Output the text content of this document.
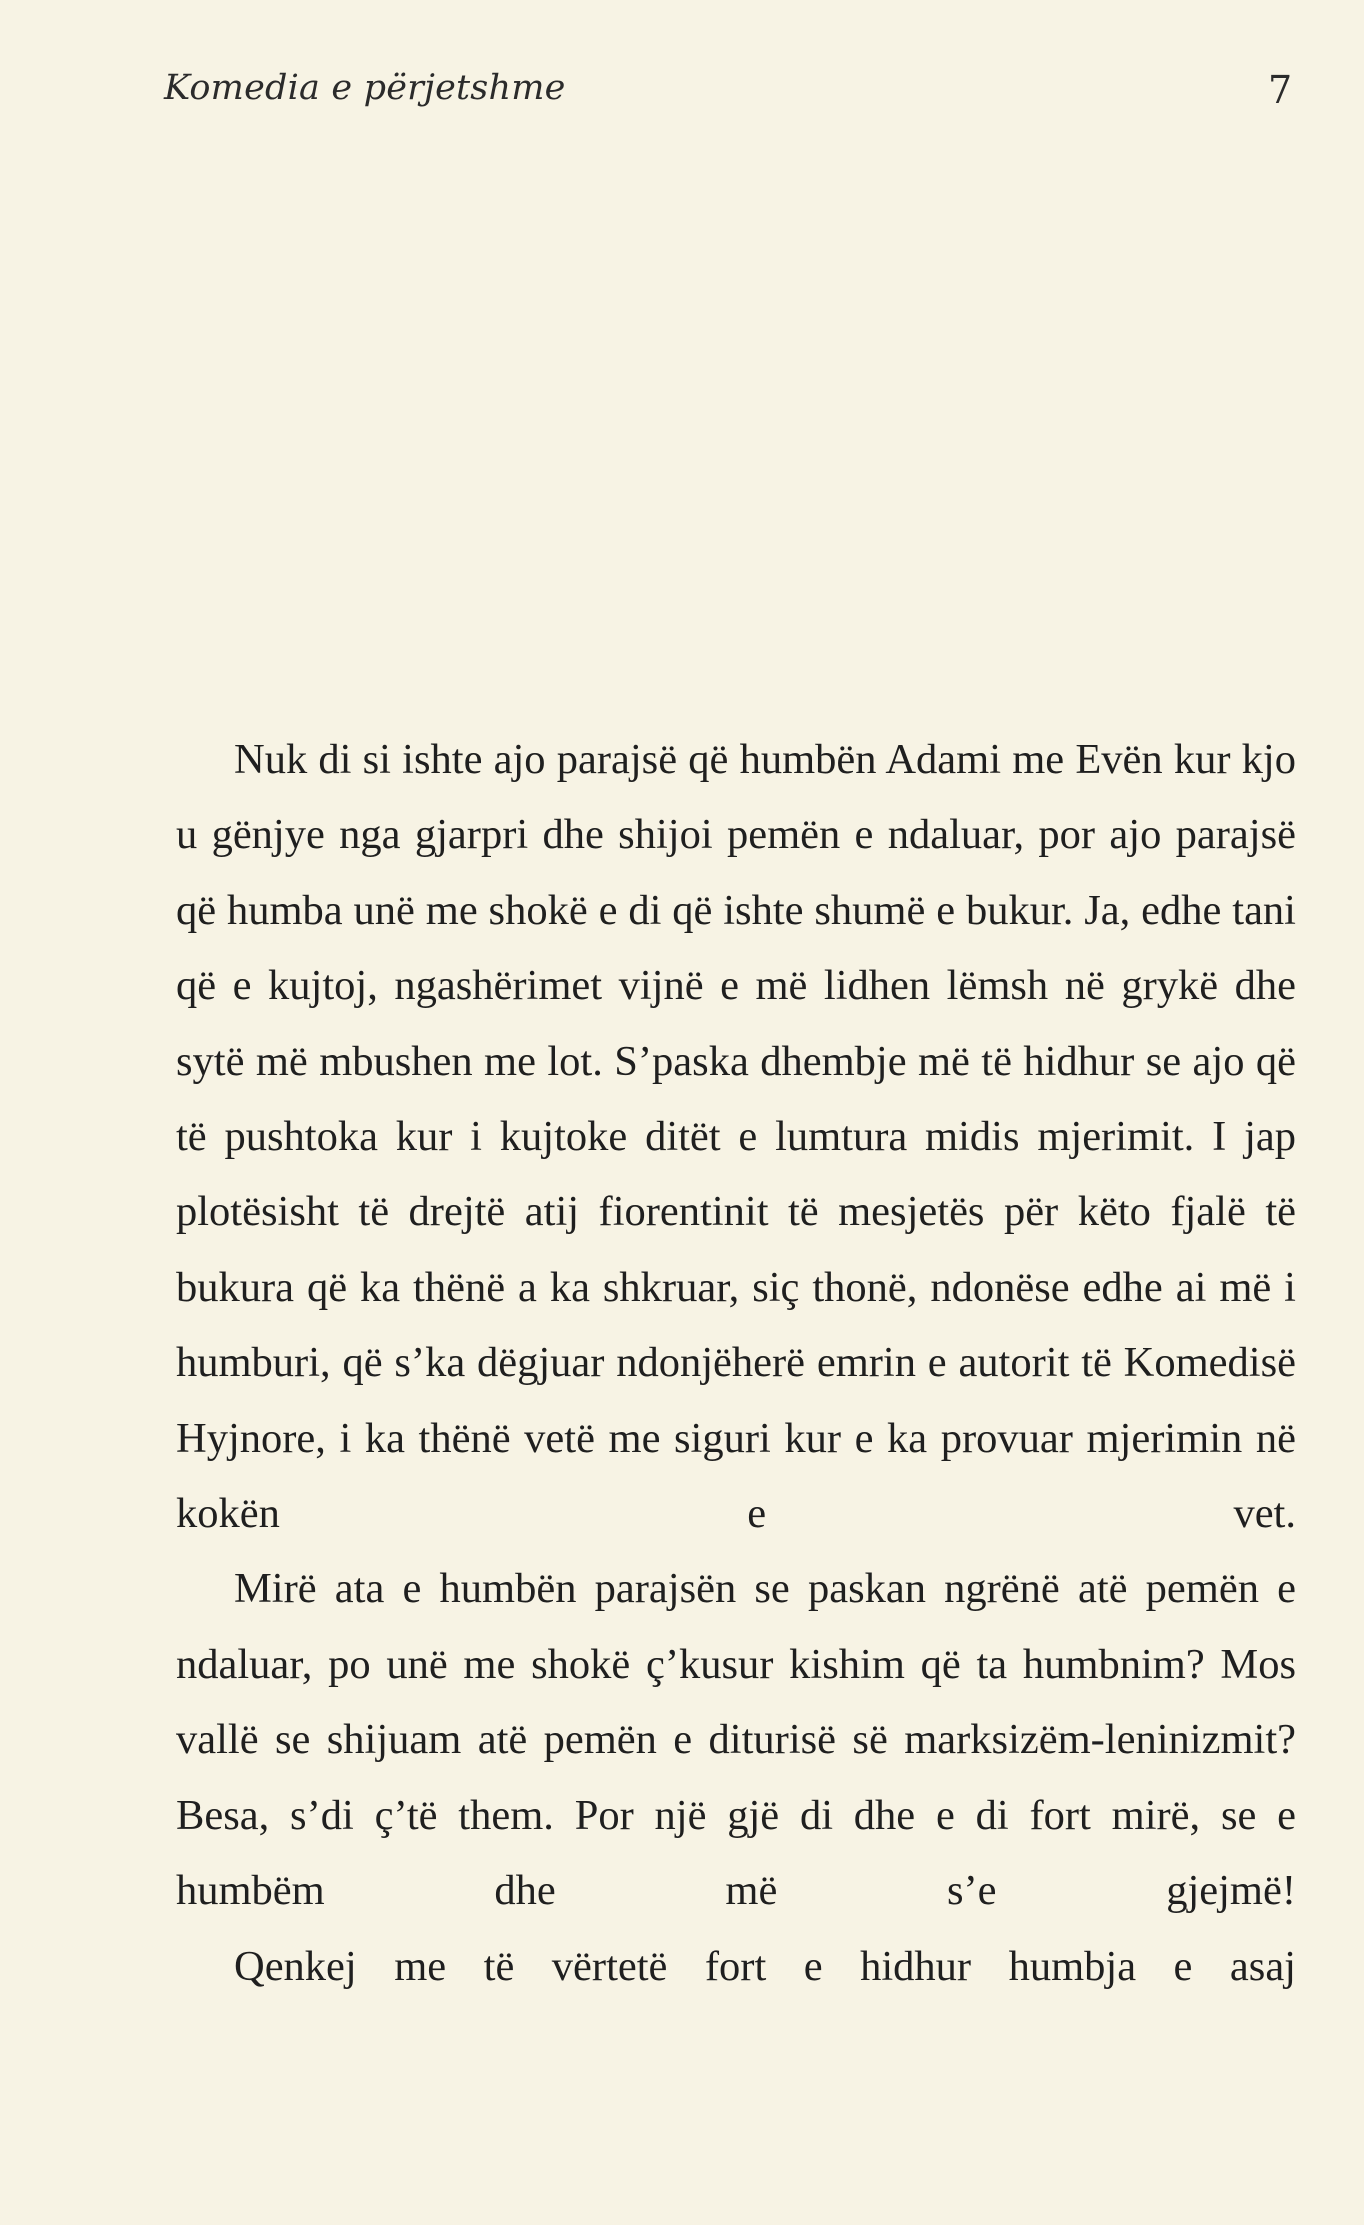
Komedia e përjetshme	7

Nuk di si ishte ajo parajsë që humbën Adami me Evën kur kjo u gënjye nga gjarpri dhe shijoi pemën e ndaluar, por ajo parajsë që humba unë me shokë e di që ishte shumë e bukur. Ja, edhe tani që e kujtoj, ngashërimet vijnë e më lidhen lëmsh në grykë dhe sytë më mbushen me lot. S’paska dhembje më të hidhur se ajo që të pushtoka kur i kujtoke ditët e lumtura midis mjerimit. I jap plotësisht të drejtë atij fiorentinit të mesjetës për këto fjalë të bukura që ka thënë a ka shkruar, siç thonë, ndonëse edhe ai më i humburi, që s’ka dëgjuar ndonjëherë emrin e autorit të Komedisë Hyjnore, i ka thënë vetë me siguri kur e ka provuar mjerimin në kokën e vet.

Mirë ata e humbën parajsën se paskan ngrënë atë pemën e ndaluar, po unë me shokë ç’kusur kishim që ta humbnim? Mos vallë se shijuam atë pemën e diturisë së marksizëm-leninizmit? Besa, s’di ç’të them. Por një gjë di dhe e di fort mirë, se e humbëm dhe më s’e gjejmë!

Qenkej me të vërtetë fort e hidhur humbja e asaj
